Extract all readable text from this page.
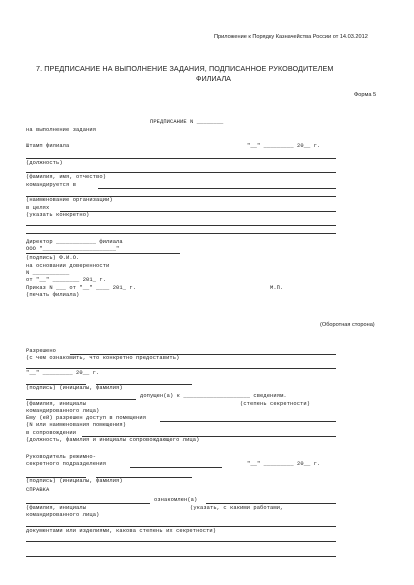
Приложение к Порядку Казначейства России от 14.03.2012
7. ПРЕДПИСАНИЕ НА ВЫПОЛНЕНИЕ ЗАДАНИЯ, ПОДПИСАННОЕ РУКОВОДИТЕЛЕМ
ФИЛИАЛА
Форма 5
ПРЕДПИСАНИЕ N ________
на выполнение задания
Штамп филиала	"__" _________ 20__ г.
(должность)
(фамилия, имя, отчество)
командируется в
(наименование организации)
в целях
(указать конкретно)
Директор ____________ филиала
ООО "______________________"
(подпись) Ф.И.О.
на основании доверенности
N ___________
от "__" ________ 201_ г.
Приказ N ___ от "__" ____ 201_ г.	М.П.
(печать филиала)
(Оборотная сторона)
Разрешено
(с чем ознакомить, что конкретно предоставить)
"__" _________ 20__ г.
(подпись) (инициалы, фамилия)
допущен(а) к ____________________ сведениям.
(фамилия, инициалы	(степень секретности)
командированного лица)
Ему (ей) разрешен доступ в помещения
(N или наименования помещения)
в сопровождении
(должность, фамилия и инициалы сопровождающего лица)
Руководитель режимно-
секретного подразделения	"__" _________ 20__ г.
(подпись) (инициалы, фамилия)
СПРАВКА
ознакомлен(а)
(фамилия, инициалы	(указать, с какими работами,
командированного лица)
документами или изделиями, какова степень их секретности)
